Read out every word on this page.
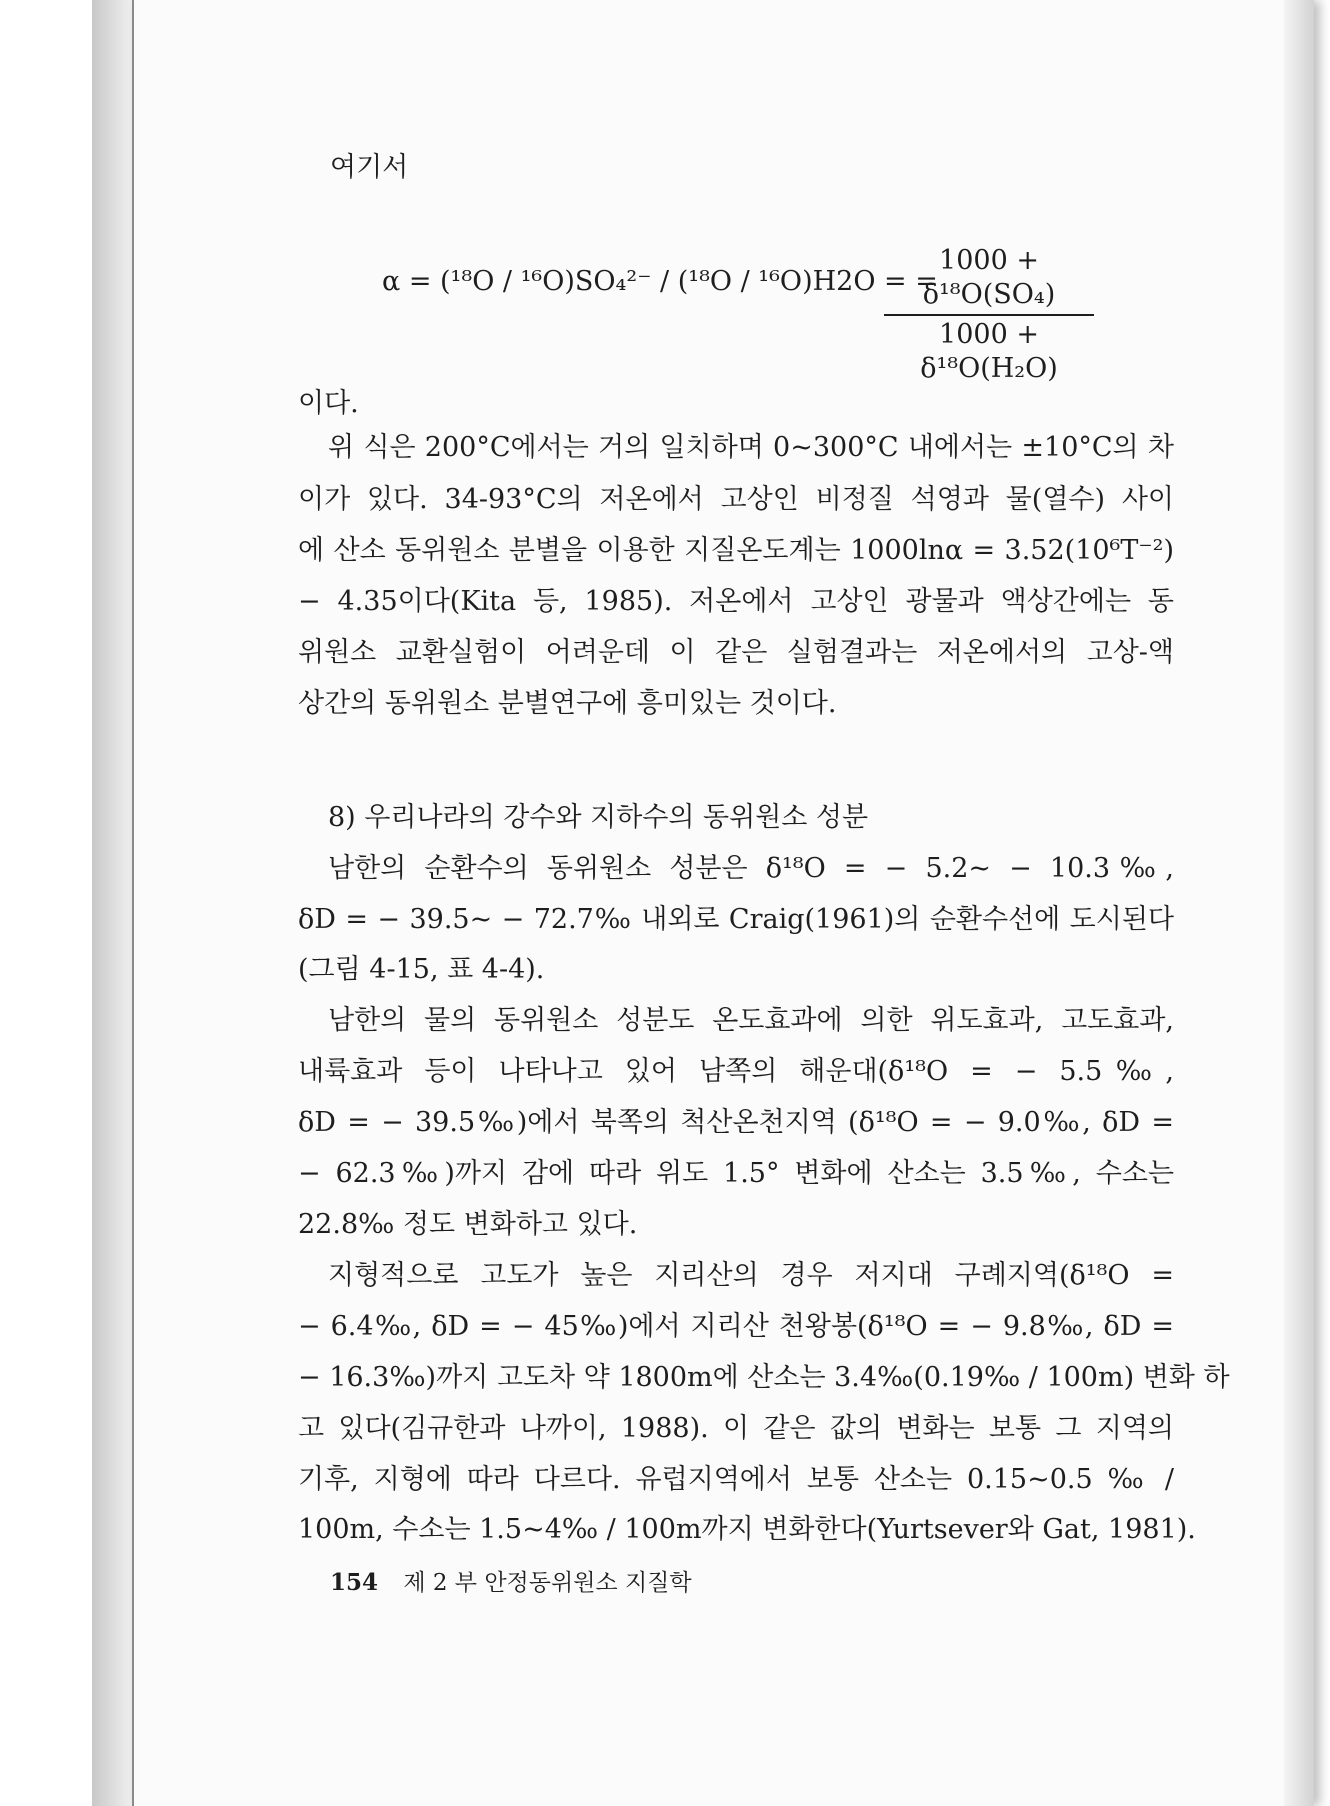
여기서
α = (¹⁸O / ¹⁶O)SO₄²⁻ / (¹⁸O / ¹⁶O)H2O = =
1000 + δ¹⁸O(SO₄)
1000 + δ¹⁸O(H₂O)
이다.
위 식은 200°C에서는 거의 일치하며 0~300°C 내에서는 ±10°C의 차
이가 있다. 34-93°C의 저온에서 고상인 비정질 석영과 물(열수) 사이
에 산소 동위원소 분별을 이용한 지질온도계는 1000lnα = 3.52(10⁶T⁻²)
− 4.35이다(Kita 등, 1985). 저온에서 고상인 광물과 액상간에는 동
위원소 교환실험이 어려운데 이 같은 실험결과는 저온에서의 고상-액
상간의 동위원소 분별연구에 흥미있는 것이다.
8) 우리나라의 강수와 지하수의 동위원소 성분
남한의 순환수의 동위원소 성분은 δ¹⁸O = − 5.2~ − 10.3‰,
δD = − 39.5~ − 72.7‰ 내외로 Craig(1961)의 순환수선에 도시된다
(그림 4-15, 표 4-4).
남한의 물의 동위원소 성분도 온도효과에 의한 위도효과, 고도효과,
내륙효과 등이 나타나고 있어 남쪽의 해운대(δ¹⁸O = − 5.5‰,
δD = − 39.5‰)에서 북쪽의 척산온천지역 (δ¹⁸O = − 9.0‰, δD =
− 62.3‰)까지 감에 따라 위도 1.5° 변화에 산소는 3.5‰, 수소는
22.8‰ 정도 변화하고 있다.
지형적으로 고도가 높은 지리산의 경우 저지대 구례지역(δ¹⁸O =
− 6.4‰, δD = − 45‰)에서 지리산 천왕봉(δ¹⁸O = − 9.8‰, δD =
− 16.3‰)까지 고도차 약 1800m에 산소는 3.4‰(0.19‰ / 100m) 변화 하
고 있다(김규한과 나까이, 1988). 이 같은 값의 변화는 보통 그 지역의
기후, 지형에 따라 다르다. 유럽지역에서 보통 산소는 0.15~0.5 ‰ /
100m, 수소는 1.5~4‰ / 100m까지 변화한다(Yurtsever와 Gat, 1981).
154 제 2 부 안정동위원소 지질학
